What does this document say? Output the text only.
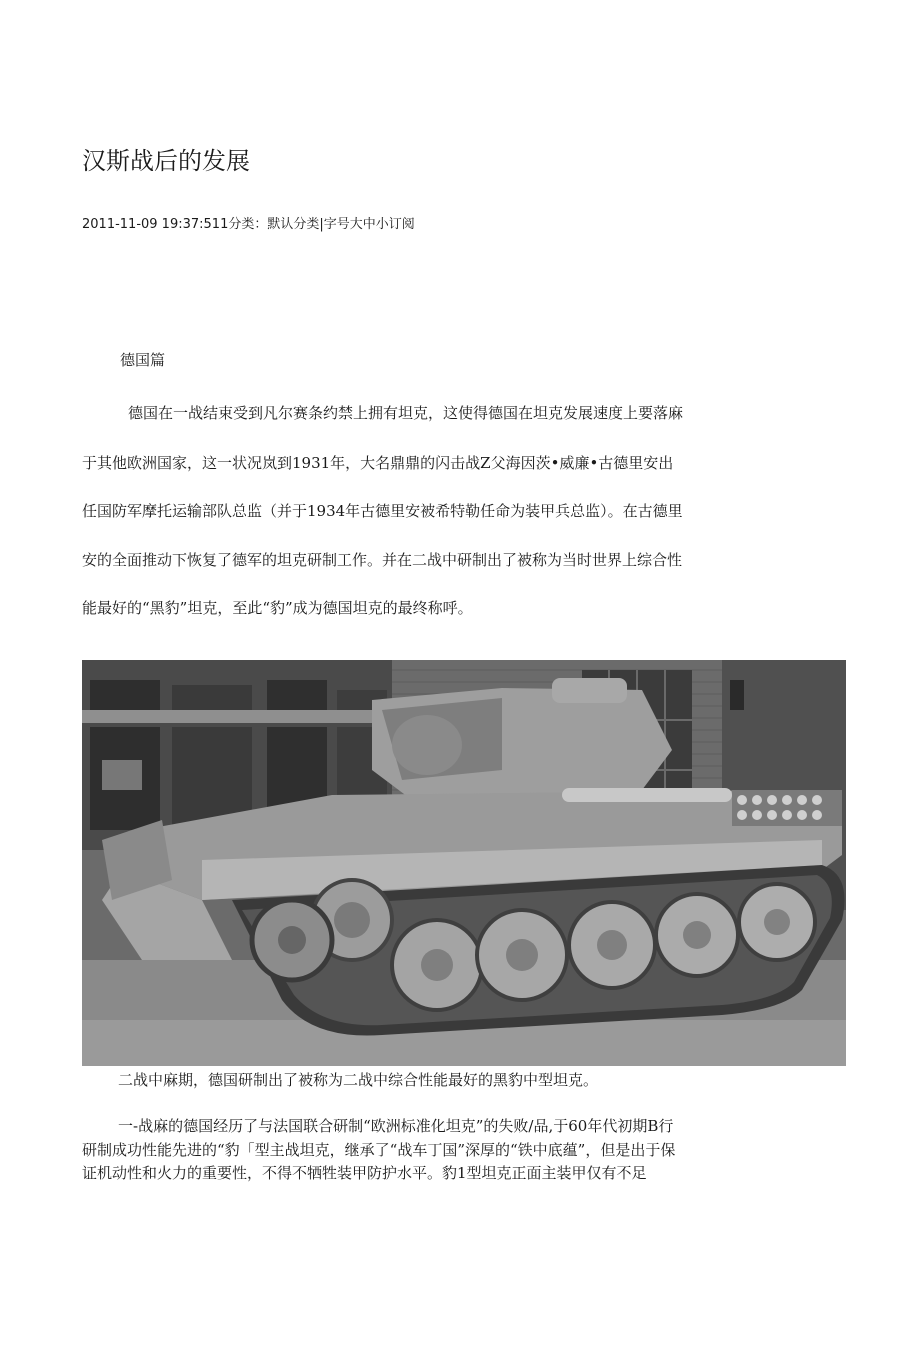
汉斯战后的发展
2011-11-09 19:37:511分类：默认分类|字号大中小订阅
德国篇
德国在一战结束受到凡尔赛条约禁上拥有坦克，这使得德国在坦克发展速度上要落麻
于其他欧洲国家，这一状况岚到1931年，大名鼎鼎的闪击战Z父海因茨•威廉•古德里安出
任国防军摩托运输部队总监（并于1934年古德里安被希特勒任命为装甲兵总监）。在古德里
安的全面推动下恢复了德军的坦克研制工作。并在二战中研制出了被称为当时世界上综合性
能最好的“黑豹”坦克，至此“豹”成为德国坦克的最终称呼。
二战中麻期，德国研制出了被称为二战中综合性能最好的黑豹中型坦克。
一-战麻的德国经历了与法国联合研制“欧洲标准化坦克”的失败/品,于60年代初期B行
研制成功性能先进的“豹「型主战坦克，继承了“战车丁国”深厚的“铁中底蕴”，但是出于保
证机动性和火力的重要性，不得不牺牲装甲防护水平。豹1型坦克正面主装甲仅有不足
